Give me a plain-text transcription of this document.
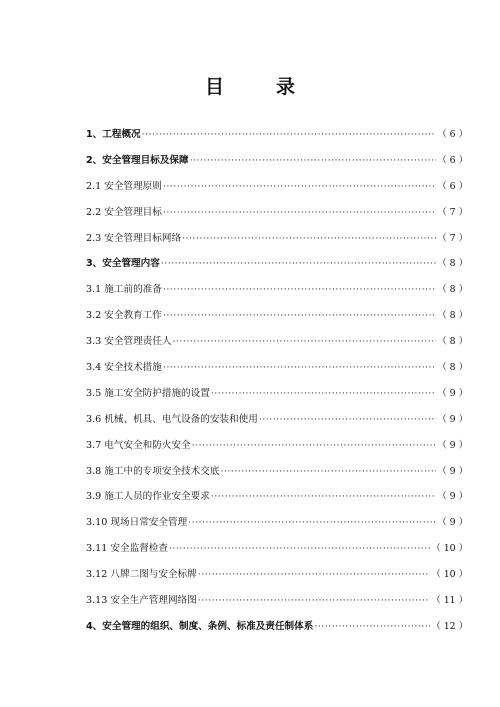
目	录
1、工程概况 ·····	（ 6 ）
2、安全管理目标及保障 ·····	（ 6 ）
2.1 安全管理原则 ·····	（ 6 ）
2.2 安全管理目标 ·····	（ 7 ）
2.3 安全管理目标网络 ·····	（ 7 ）
3、安全管理内容 ·····	（ 8 ）
3.1 施工前的准备 ·····	（ 8 ）
3.2 安全教育工作 ·····	（ 8 ）
3.3 安全管理责任人 ·····	（ 8 ）
3.4 安全技术措施 ·····	（ 8 ）
3.5 施工安全防护措施的设置 ·····	（ 9 ）
3.6 机械、机具、电气设备的安装和使用 ·····	（ 9 ）
3.7 电气安全和防火安全 ·····	（ 9 ）
3.8 施工中的专项安全技术交底 ·····	（ 9 ）
3.9 施工人员的作业安全要求 ·····	（ 9 ）
3.10 现场日常安全管理 ·····	（ 9 ）
3.11 安全监督检查 ·····	（ 10 ）
3.12 八牌二图与安全标牌 ·····	（ 10 ）
3.13 安全生产管理网络图 ·····	（ 11 ）
4、安全管理的组织、制度、条例、标准及责任制体系 ·····	（ 12 ）
